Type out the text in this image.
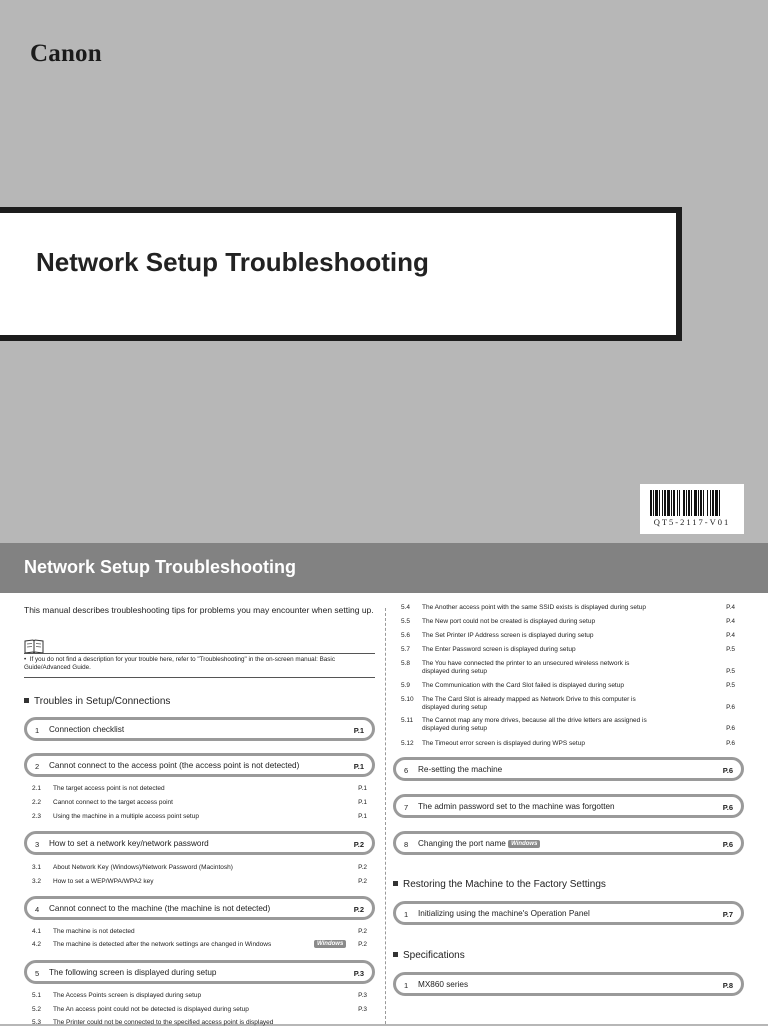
Canon
Network Setup Troubleshooting
QT5-2117-V01
Network Setup Troubleshooting
This manual describes troubleshooting tips for problems you may encounter when setting up.
•  If you do not find a description for your trouble here, refer to "Troubleshooting" in the on-screen manual: Basic Guide/Advanced Guide.
Troubles in Setup/Connections
1 Connection checklist	P.1
2 Cannot connect to the access point (the access point is not detected)	P.1
2.1 The target access point is not detected	P.1
2.2 Cannot connect to the target access point	P.1
2.3 Using the machine in a multiple access point setup	P.1
3 How to set a network key/network password	P.2
3.1 About Network Key (Windows)/Network Password (Macintosh)	P.2
3.2 How to set a WEP/WPA/WPA2 key	P.2
4 Cannot connect to the machine (the machine is not detected)	P.2
4.1 The machine is not detected	P.2
4.2 The machine is detected after the network settings are changed in Windows	Windows	P.2
5 The following screen is displayed during setup	P.3
5.1 The Access Points screen is displayed during setup	P.3
5.2 The An access point could not be detected is displayed during setup	P.3
5.3 The Printer could not be connected to the specified access point is displayed
5.4 The Another access point with the same SSID exists is displayed during setup	P.4
5.5 The New port could not be created is displayed during setup	P.4
5.6 The Set Printer IP Address screen is displayed during setup	P.4
5.7 The Enter Password screen is displayed during setup	P.5
5.8 The You have connected the printer to an unsecured wireless network is
displayed during setup	P.5
5.9 The Communication with the Card Slot failed is displayed during setup	P.5
5.10 The The Card Slot is already mapped as Network Drive to this computer is
displayed during setup	P.6
5.11 The Cannot map any more drives, because all the drive letters are assigned is
displayed during setup	P.6
5.12 The Timeout error screen is displayed during WPS setup	P.6
6 Re-setting the machine	P.6
7 The admin password set to the machine was forgotten	P.6
8 Changing the port name Windows	P.6
Restoring the Machine to the Factory Settings
1 Initializing using the machine's Operation Panel	P.7
Specifications
1 MX860 series	P.8
